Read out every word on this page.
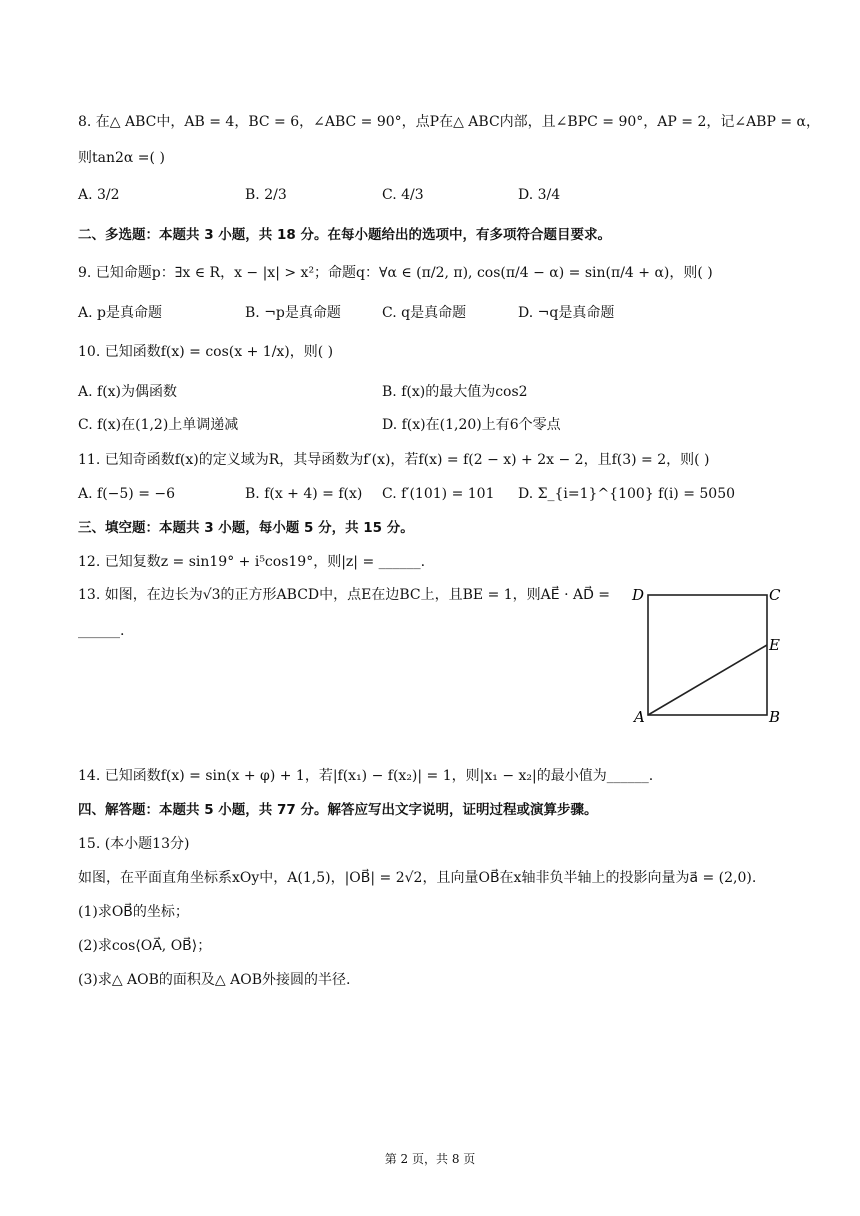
8. 在△ ABC中，AB = 4，BC = 6，∠ABC = 90°，点P在△ ABC内部，且∠BPC = 90°，AP = 2，记∠ABP = α，
则tan2α =( )
A. 3/2	B. 2/3	C. 4/3	D. 3/4
二、多选题：本题共 3 小题，共 18 分。在每小题给出的选项中，有多项符合题目要求。
9. 已知命题p：∃x ∈ R，x − |x| > x²；命题q：∀α ∈ (π/2, π), cos(π/4 − α) = sin(π/4 + α)，则( )
A. p是真命题	B. ¬p是真命题	C. q是真命题	D. ¬q是真命题
10. 已知函数f(x) = cos(x + 1/x)，则( )
A. f(x)为偶函数	B. f(x)的最大值为cos2
C. f(x)在(1,2)上单调递减	D. f(x)在(1,20)上有6个零点
11. 已知奇函数f(x)的定义域为R，其导函数为f′(x)，若f(x) = f(2 − x) + 2x − 2，且f(3) = 2，则( )
A. f(−5) = −6	B. f(x + 4) = f(x) C. f′(101) = 101 D. Σ_{i=1}^{100} f(i) = 5050
三、填空题：本题共 3 小题，每小题 5 分，共 15 分。
12. 已知复数z = sin19° + i⁵cos19°，则|z| = ______.
13. 如图，在边长为√3的正方形ABCD中，点E在边BC上，且BE = 1，则AE⃗ · AD⃗ =
______.
D	C
E
A	B
14. 已知函数f(x) = sin(x + φ) + 1，若|f(x₁) − f(x₂)| = 1，则|x₁ − x₂|的最小值为______.
四、解答题：本题共 5 小题，共 77 分。解答应写出文字说明，证明过程或演算步骤。
15. (本小题13分)
如图，在平面直角坐标系xOy中，A(1,5)，|OB⃗| = 2√2，且向量OB⃗在x轴非负半轴上的投影向量为a⃗ = (2,0).
(1)求OB⃗的坐标；
(2)求cos⟨OA⃗, OB⃗⟩；
(3)求△ AOB的面积及△ AOB外接圆的半径.
第 2 页，共 8 页
